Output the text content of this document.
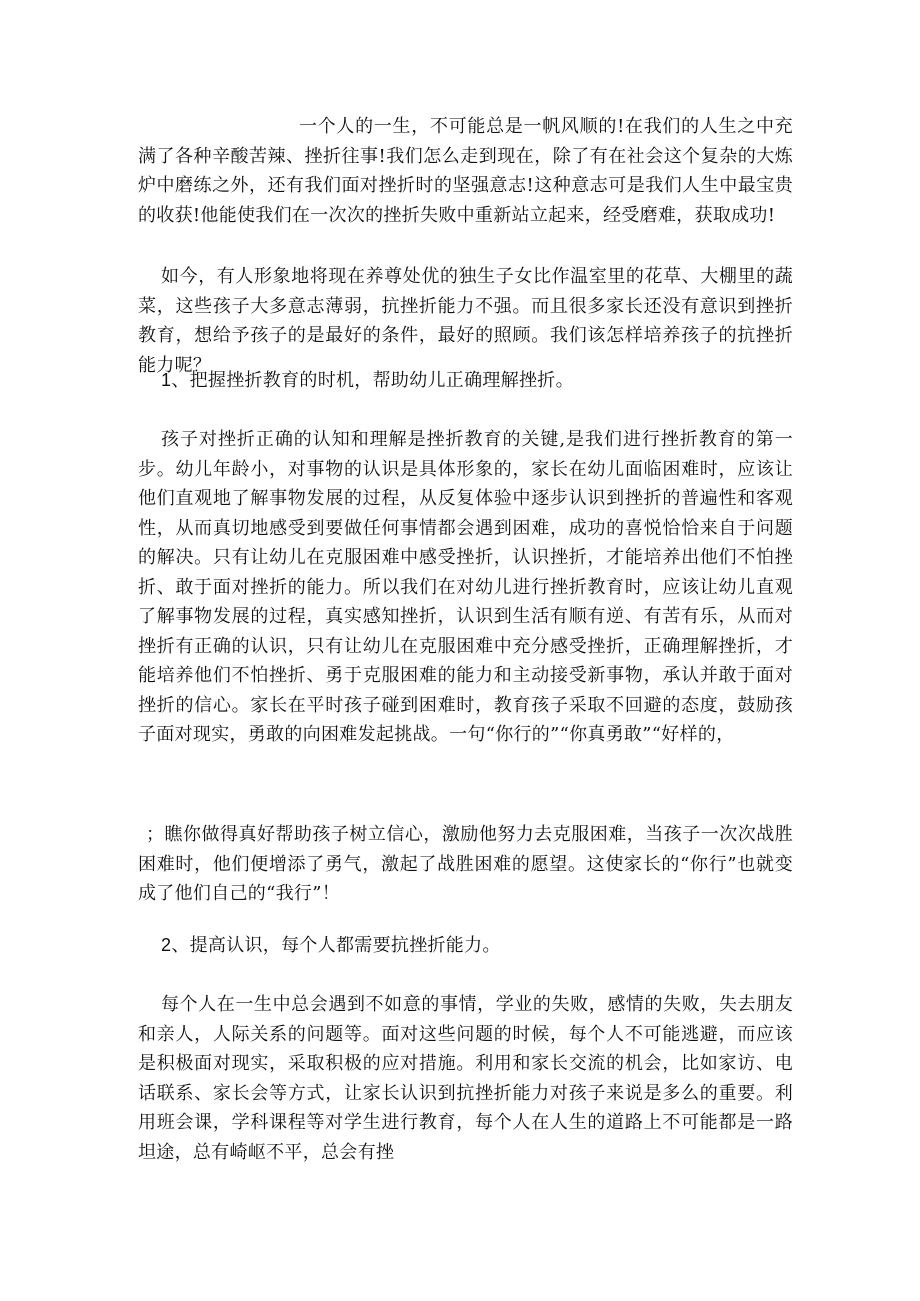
一个人的一生，不可能总是一帆风顺的!在我们的人生之中充满了各种辛酸苦辣、挫折往事!我们怎么走到现在，除了有在社会这个复杂的大炼炉中磨练之外，还有我们面对挫折时的坚强意志!这种意志可是我们人生中最宝贵的收获!他能使我们在一次次的挫折失败中重新站立起来，经受磨难，获取成功!

如今，有人形象地将现在养尊处优的独生子女比作温室里的花草、大棚里的蔬菜，这些孩子大多意志薄弱，抗挫折能力不强。而且很多家长还没有意识到挫折教育，想给予孩子的是最好的条件，最好的照顾。我们该怎样培养孩子的抗挫折能力呢？

1、把握挫折教育的时机，帮助幼儿正确理解挫折。

孩子对挫折正确的认知和理解是挫折教育的关键,是我们进行挫折教育的第一步。幼儿年龄小，对事物的认识是具体形象的，家长在幼儿面临困难时，应该让他们直观地了解事物发展的过程，从反复体验中逐步认识到挫折的普遍性和客观性，从而真切地感受到要做任何事情都会遇到困难，成功的喜悦恰恰来自于问题的解决。只有让幼儿在克服困难中感受挫折，认识挫折，才能培养出他们不怕挫折、敢于面对挫折的能力。所以我们在对幼儿进行挫折教育时，应该让幼儿直观了解事物发展的过程，真实感知挫折，认识到生活有顺有逆、有苦有乐，从而对挫折有正确的认识，只有让幼儿在克服困难中充分感受挫折，正确理解挫折，才能培养他们不怕挫折、勇于克服困难的能力和主动接受新事物，承认并敢于面对挫折的信心。家长在平时孩子碰到困难时，教育孩子采取不回避的态度，鼓励孩子面对现实，勇敢的向困难发起挑战。一句“你行的”“你真勇敢”“好样的，

；瞧你做得真好帮助孩子树立信心，激励他努力去克服困难，当孩子一次次战胜困难时，他们便增添了勇气，激起了战胜困难的愿望。这使家长的“你行”也就变成了他们自己的“我行”！

2、提高认识，每个人都需要抗挫折能力。

每个人在一生中总会遇到不如意的事情，学业的失败，感情的失败，失去朋友和亲人，人际关系的问题等。面对这些问题的时候，每个人不可能逃避，而应该是积极面对现实，采取积极的应对措施。利用和家长交流的机会，比如家访、电话联系、家长会等方式，让家长认识到抗挫折能力对孩子来说是多么的重要。利用班会课，学科课程等对学生进行教育，每个人在人生的道路上不可能都是一路坦途，总有崎岖不平，总会有挫
